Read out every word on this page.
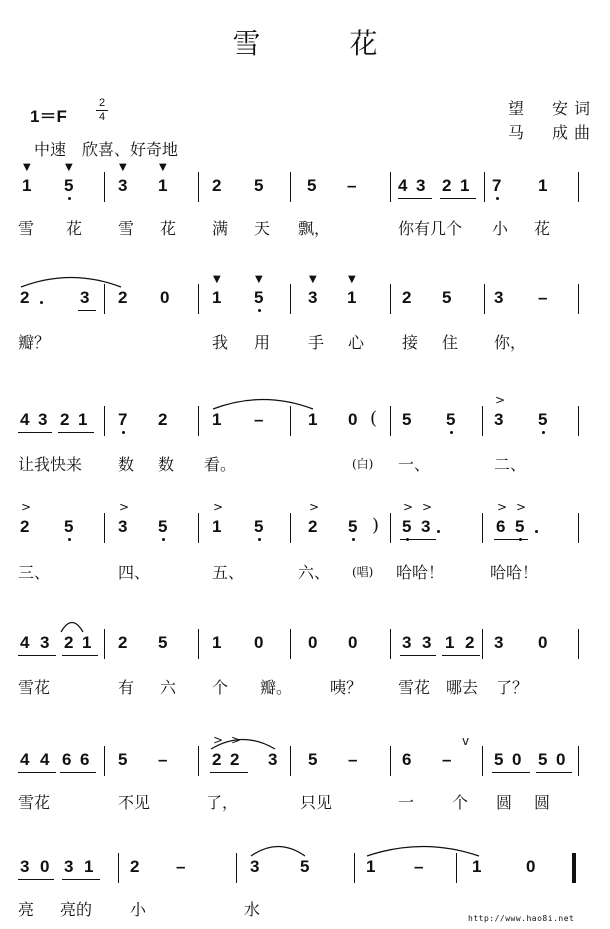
雪 花
1＝F
2
4
中速　欣喜、好奇地
望　安词
马　成曲
1 5	3 1	2 5	5 – 4 3 2 1 7 1
雪 花 雪 花 满 天 飘，	你有几个 小 花
2	3 2 0	1 5	3 1	2 5	3 –
瓣？	我 用 手 心 接 住 你，
4 3 2 1 7 2	1 –	1 0 ( 5 5 3 5
让我快来 数 数 看。	(白) 一、	二、
2 5	3 5	1 5	2 5 ) 5 3	6 5
三、	四、	五、	六、 (唱) 哈哈！	哈哈！
4 3 2 1 2 5	1 0	0 0	3 3 1 2 3 0
雪花	有 六 个 瓣。 咦？ 雪花 哪去 了？
4 4 6 6 5 –	2 2 3 5 –	6 –	5 0 5 0
雪花	不见	了，	只见	一 个 圆 圆
3 0 3 1 2 –	3 5	1 –	1	0
亮 亮的 小	水
▼	▼	▼	▼
▼	▼	▼	▼
>
>	>	>	>	> >	> >
> >	v
http://www.hao8i.net
